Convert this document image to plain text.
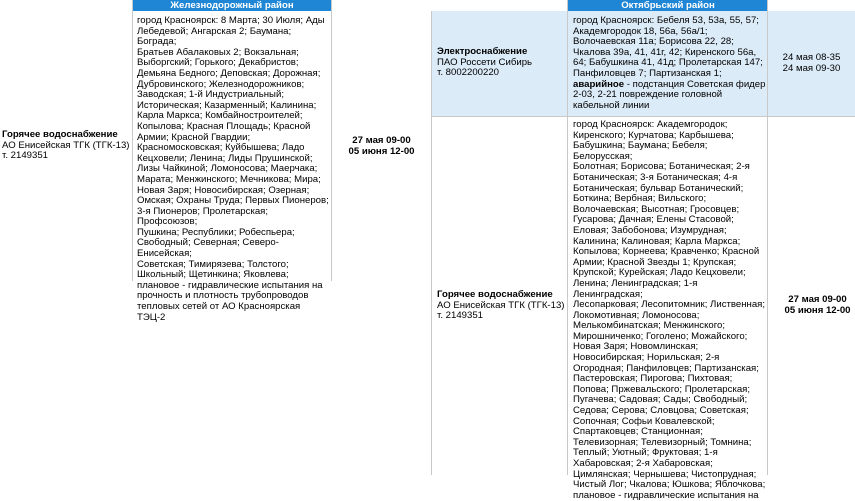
Железнодорожный район
Горячее водоснабжение
АО Енисейская ТГК (ТГК-13)
т. 2149351
город Красноярск: 8 Марта; 30 Июля; Ады
Лебедевой; Ангарская 2; Баумана; Бограда;
Братьев Абалаковых 2; Вокзальная;
Выборгский; Горького; Декабристов;
Демьяна Бедного; Деповская; Дорожная;
Дубровинского; Железнодорожников;
Заводская; 1-й Индустриальный;
Историческая; Казарменный; Калинина;
Карла Маркса; Комбайностроителей;
Копылова; Красная Площадь; Красной
Армии; Красной Гвардии;
Красномосковская; Куйбышева; Ладо
Кецховели; Ленина; Лиды Прушинской;
Лизы Чайкиной; Ломоносова; Маерчака;
Марата; Менжинского; Мечникова; Мира;
Новая Заря; Новосибирская; Озерная;
Омская; Охраны Труда; Первых Пионеров;
3-я Пионеров; Пролетарская; Профсоюзов;
Пушкина; Республики; Робеспьера;
Свободный; Северная; Северо-Енисейская;
Советская; Тимирязева; Толстого;
Школьный; Щетинкина; Яковлева;
плановое - гидравлические испытания на
прочность и плотность трубопроводов
тепловых сетей от АО Красноярская ТЭЦ-2
27 мая 09-00
05 июня 12-00
Октябрьский район
Электроснабжение
ПАО Россети Сибирь
т. 8002200220
город Красноярск: Бебеля 53, 53а, 55, 57;
Академгородок 18, 56а, 56а/1;
Волочаевская 11а; Борисова 22, 28;
Чкалова 39а, 41, 41г, 42; Киренского 56а,
64; Бабушкина 41, 41д; Пролетарская 147;
Панфиловцев 7; Партизанская 1;
аварийное - подстанция Советская фидер
2-03, 2-21 повреждение головной
кабельной линии
24 мая 08-35
24 мая 09-30
Горячее водоснабжение
АО Енисейская ТГК (ТГК-13)
т. 2149351
город Красноярск: Академгородок;
Киренского; Курчатова; Карбышева;
Бабушкина; Баумана; Бебеля; Белорусская;
Болотная; Борисова; Ботаническая; 2-я
Ботаническая; 3-я Ботаническая; 4-я
Ботаническая; бульвар Ботанический;
Боткина; Вербная; Вильского;
Волочаевская; Высотная; Гросовцев;
Гусарова; Дачная; Елены Стасовой;
Еловая; Забобонова; Изумрудная;
Калинина; Калиновая; Карла Маркса;
Копылова; Корнеева; Кравченко; Красной
Армии; Красной Звезды 1; Крупская;
Крупской; Курейская; Ладо Кецховели;
Ленина; Ленинградская; 1-я Ленинградская;
Лесопарковая; Лесопитомник; Лиственная;
Локомотивная; Ломоносова;
Мелькомбинатская; Менжинского;
Мирошниченко; Гоголено; Можайского;
Новая Заря; Новомлинская;
Новосибирская; Норильская; 2-я
Огородная; Панфиловцев; Партизанская;
Пастеровская; Пирогова; Пихтовая;
Попова; Пржевальского; Пролетарская;
Пугачева; Садовая; Сады; Свободный;
Седова; Серова; Словцова; Советская;
Сопочная; Софьи Ковалевской;
Спартаковцев; Станционная;
Телевизорная; Телевизорный; Томнина;
Теплый; Уютный; Фруктовая; 1-я
Хабаровская; 2-я Хабаровская;
Цимлянская; Чернышева; Чистопрудная;
Чистый Лог; Чкалова; Юшкова; Яблочкова;
плановое - гидравлические испытания на
27 мая 09-00
05 июня 12-00
